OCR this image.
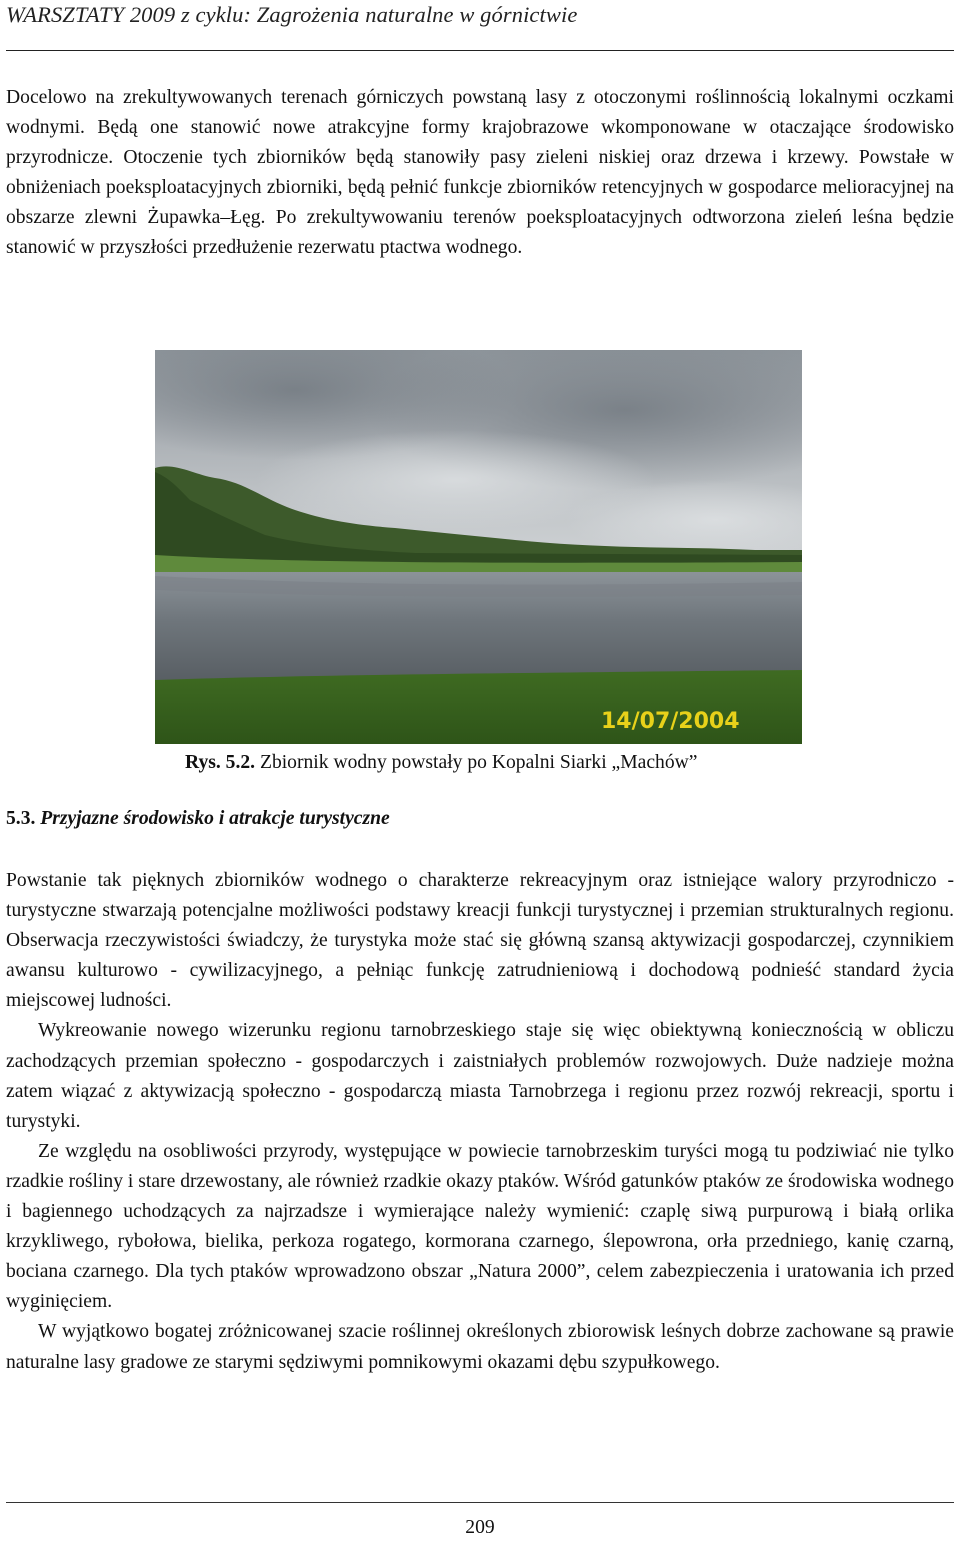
WARSZTATY 2009 z cyklu: Zagrożenia naturalne w górnictwie

Docelowo na zrekultywowanych terenach górniczych powstaną lasy z otoczonymi roślinnością lokalnymi oczkami wodnymi. Będą one stanowić nowe atrakcyjne formy krajobrazowe wkomponowane w otaczające środowisko przyrodnicze. Otoczenie tych zbiorników będą stanowiły pasy zieleni niskiej oraz drzewa i krzewy. Powstałe w obniżeniach poeksploatacyjnych zbiorniki, będą pełnić funkcje zbiorników retencyjnych w gospodarce melioracyjnej na obszarze zlewni Żupawka–Łęg. Po zrekultywowaniu terenów poeksploatacyjnych odtworzona zieleń leśna będzie stanowić w przyszłości przedłużenie rezerwatu ptactwa wodnego.

14/07/2004
Rys. 5.2. Zbiornik wodny powstały po Kopalni Siarki „Machów”
5.3. Przyjazne środowisko i atrakcje turystyczne

Powstanie tak pięknych zbiorników wodnego o charakterze rekreacyjnym oraz istniejące walory przyrodniczo - turystyczne stwarzają potencjalne możliwości podstawy kreacji funkcji turystycznej i przemian strukturalnych regionu. Obserwacja rzeczywistości świadczy, że turystyka może stać się główną szansą aktywizacji gospodarczej, czynnikiem awansu kulturowo - cywilizacyjnego, a pełniąc funkcję zatrudnieniową i dochodową podnieść standard życia miejscowej ludności.

Wykreowanie nowego wizerunku regionu tarnobrzeskiego staje się więc obiektywną koniecznością w obliczu zachodzących przemian społeczno - gospodarczych i zaistniałych problemów rozwojowych. Duże nadzieje można zatem wiązać z aktywizacją społeczno - gospodarczą miasta Tarnobrzega i regionu przez rozwój rekreacji, sportu i turystyki.

Ze względu na osobliwości przyrody, występujące w powiecie tarnobrzeskim turyści mogą tu podziwiać nie tylko rzadkie rośliny i stare drzewostany, ale również rzadkie okazy ptaków. Wśród gatunków ptaków ze środowiska wodnego i bagiennego uchodzących za najrzadsze i wymierające należy wymienić: czaplę siwą purpurową i białą orlika krzykliwego, rybołowa, bielika, perkoza rogatego, kormorana czarnego, ślepowrona, orła przedniego, kanię czarną, bociana czarnego. Dla tych ptaków wprowadzono obszar „Natura 2000”, celem zabezpieczenia i uratowania ich przed wyginięciem.

W wyjątkowo bogatej zróżnicowanej szacie roślinnej określonych zbiorowisk leśnych dobrze zachowane są prawie naturalne lasy gradowe ze starymi sędziwymi pomnikowymi okazami dębu szypułkowego.

209
